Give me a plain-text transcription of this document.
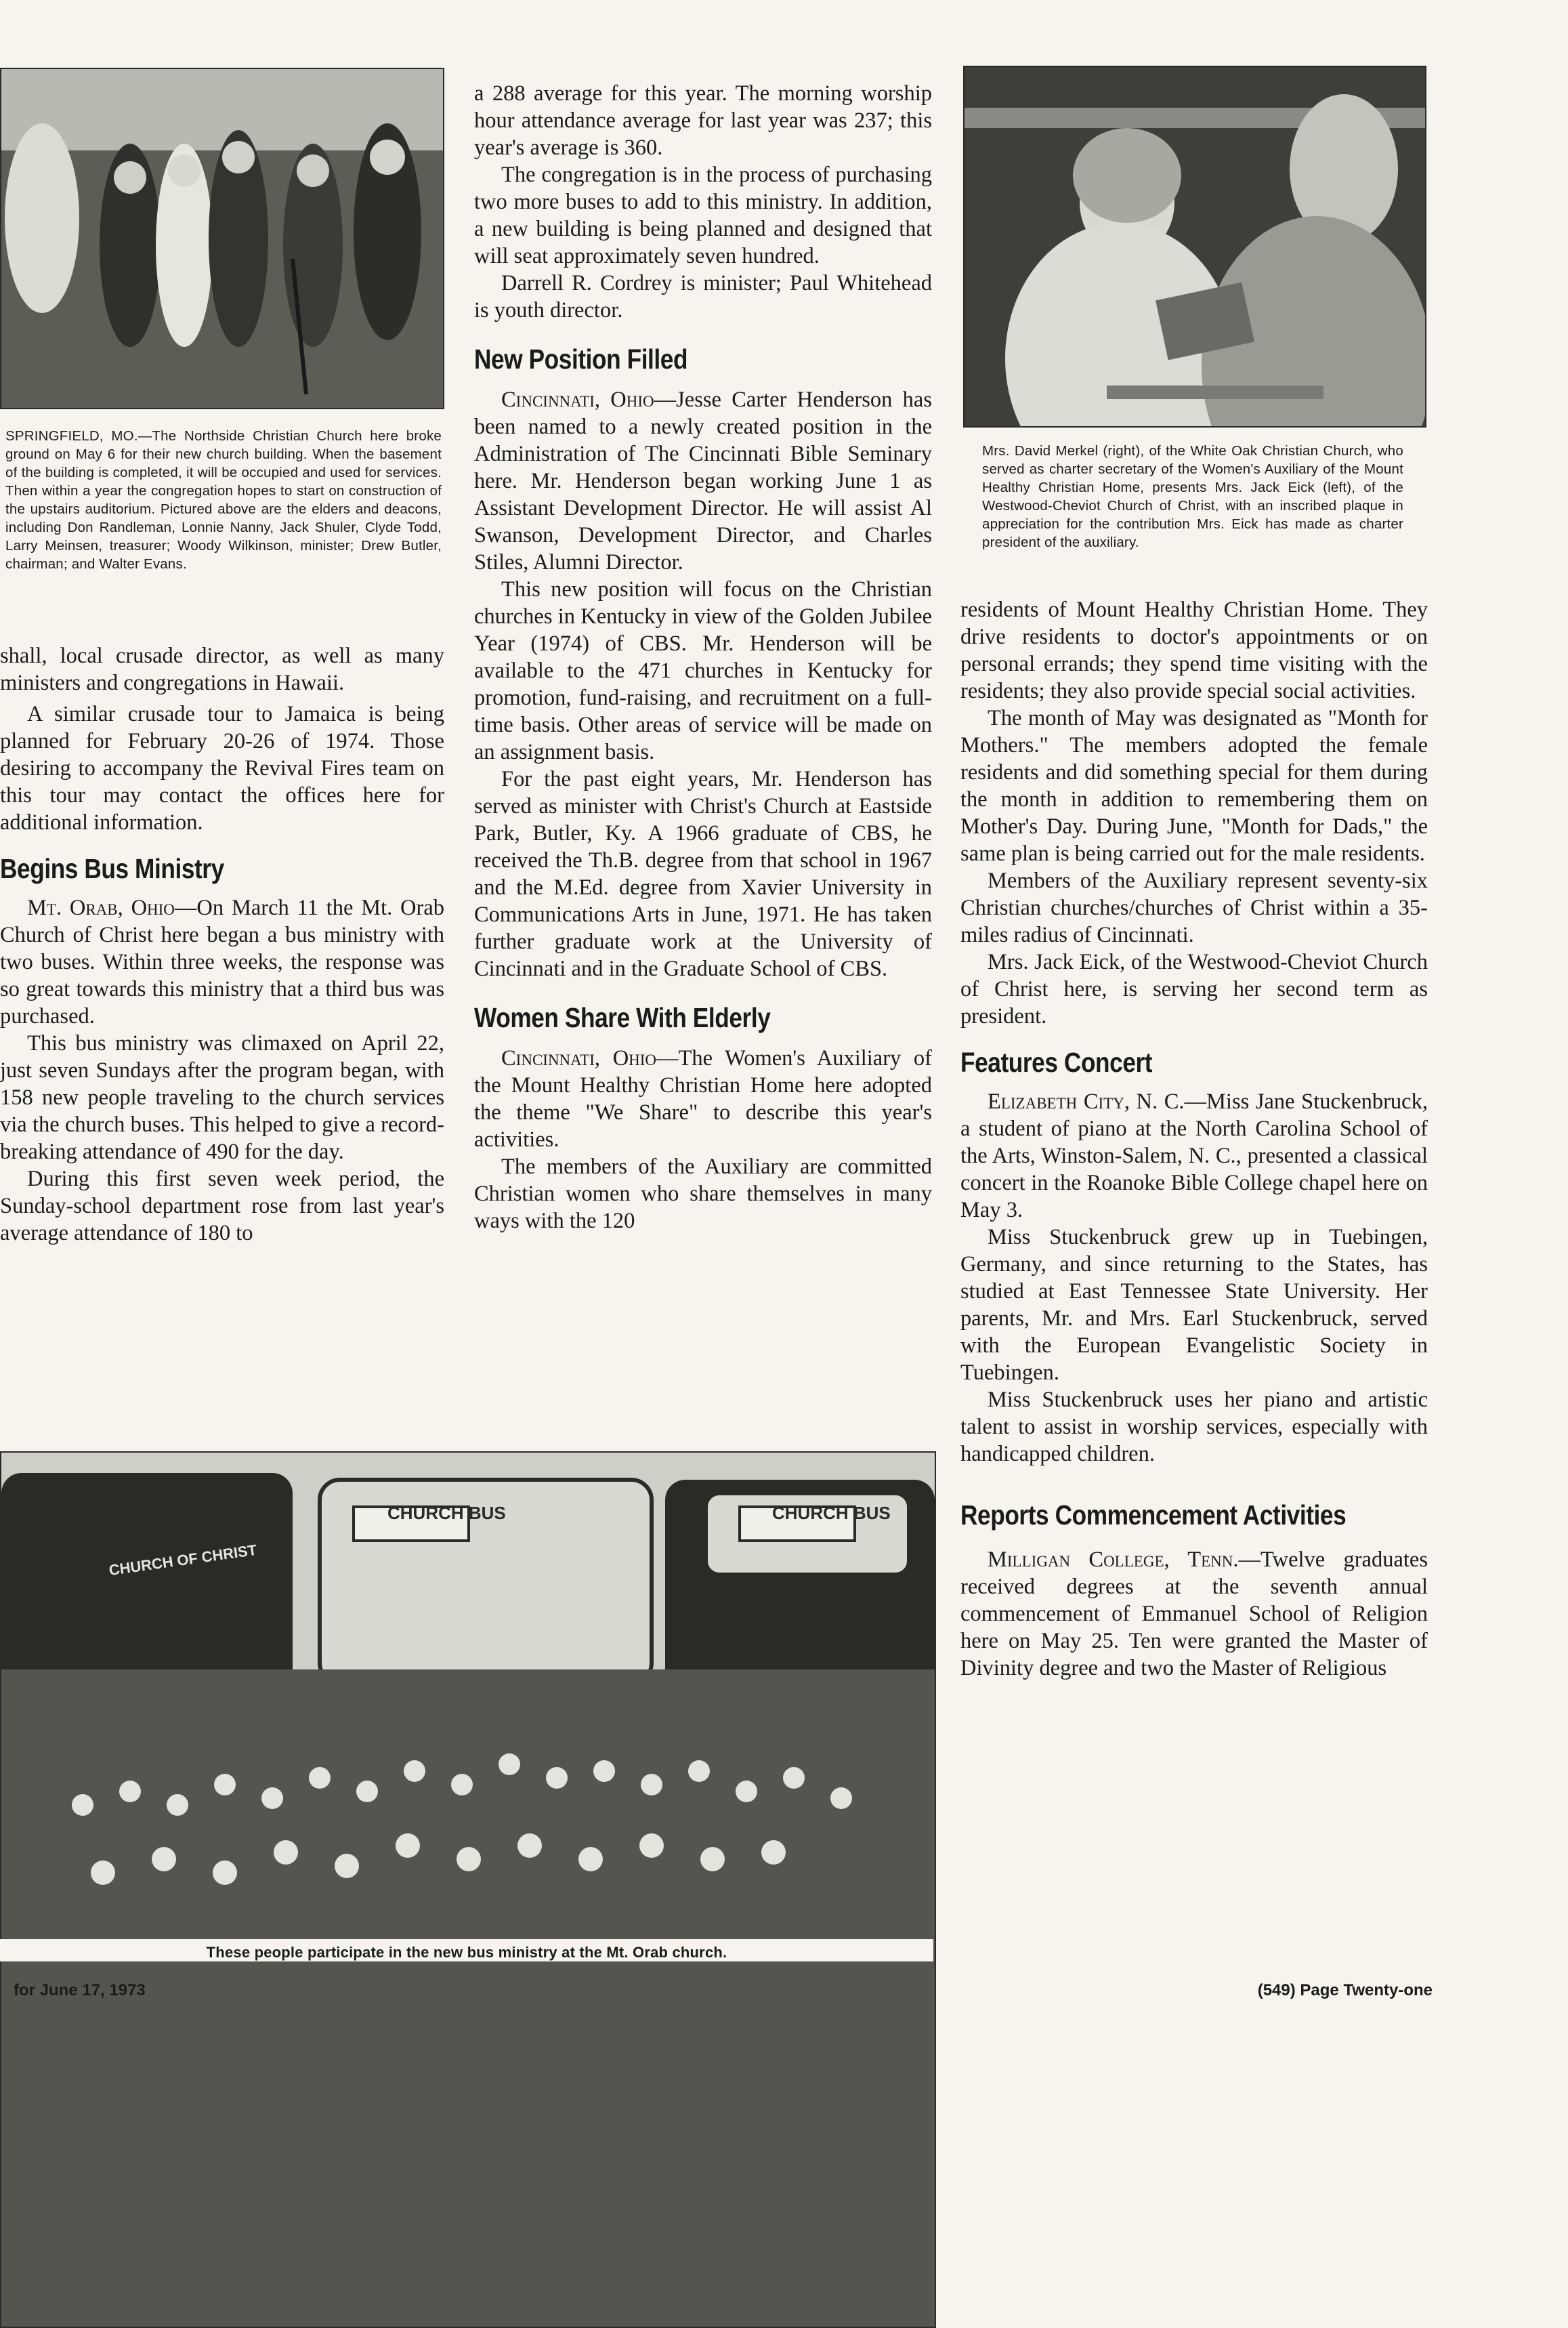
SPRINGFIELD, MO.—The Northside Christian Church here broke ground on May 6 for their new church building. When the basement of the building is completed, it will be occupied and used for services. Then within a year the congregation hopes to start on construction of the upstairs auditorium. Pictured above are the elders and deacons, including Don Randleman, Lonnie Nanny, Jack Shuler, Clyde Todd, Larry Meinsen, treasurer; Woody Wilkinson, minister; Drew Butler, chairman; and Walter Evans.

shall, local crusade director, as well as many ministers and congregations in Hawaii.

A similar crusade tour to Jamaica is being planned for February 20-26 of 1974. Those desiring to accompany the Revival Fires team on this tour may contact the offices here for additional information.

Begins Bus Ministry

Mt. Orab, Ohio—On March 11 the Mt. Orab Church of Christ here began a bus ministry with two buses. Within three weeks, the response was so great towards this ministry that a third bus was purchased.

This bus ministry was climaxed on April 22, just seven Sundays after the program began, with 158 new people traveling to the church services via the church buses. This helped to give a record-breaking attendance of 490 for the day.

During this first seven week period, the Sunday-school department rose from last year's average attendance of 180 to

a 288 average for this year. The morning worship hour attendance average for last year was 237; this year's average is 360.

The congregation is in the process of purchasing two more buses to add to this ministry. In addition, a new building is being planned and designed that will seat approximately seven hundred.

Darrell R. Cordrey is minister; Paul Whitehead is youth director.

New Position Filled

Cincinnati, Ohio—Jesse Carter Henderson has been named to a newly created position in the Administration of The Cincinnati Bible Seminary here. Mr. Henderson began working June 1 as Assistant Development Director. He will assist Al Swanson, Development Director, and Charles Stiles, Alumni Director.

This new position will focus on the Christian churches in Kentucky in view of the Golden Jubilee Year (1974) of CBS. Mr. Henderson will be available to the 471 churches in Kentucky for promotion, fund-raising, and recruitment on a full-time basis. Other areas of service will be made on an assignment basis.

For the past eight years, Mr. Henderson has served as minister with Christ's Church at Eastside Park, Butler, Ky. A 1966 graduate of CBS, he received the Th.B. degree from that school in 1967 and the M.Ed. degree from Xavier University in Communications Arts in June, 1971. He has taken further graduate work at the University of Cincinnati and in the Graduate School of CBS.

Women Share With Elderly

Cincinnati, Ohio—The Women's Auxiliary of the Mount Healthy Christian Home here adopted the theme "We Share" to describe this year's activities.

The members of the Auxiliary are committed Christian women who share themselves in many ways with the 120

Mrs. David Merkel (right), of the White Oak Christian Church, who served as charter secretary of the Women's Auxiliary of the Mount Healthy Christian Home, presents Mrs. Jack Eick (left), of the Westwood-Cheviot Church of Christ, with an inscribed plaque in appreciation for the contribution Mrs. Eick has made as charter president of the auxiliary.

residents of Mount Healthy Christian Home. They drive residents to doctor's appointments or on personal errands; they spend time visiting with the residents; they also provide special social activities.

The month of May was designated as "Month for Mothers." The members adopted the female residents and did something special for them during the month in addition to remembering them on Mother's Day. During June, "Month for Dads," the same plan is being carried out for the male residents.

Members of the Auxiliary represent seventy-six Christian churches/churches of Christ within a 35-miles radius of Cincinnati.

Mrs. Jack Eick, of the Westwood-Cheviot Church of Christ here, is serving her second term as president.

Features Concert

Elizabeth City, N. C.—Miss Jane Stuckenbruck, a student of piano at the North Carolina School of the Arts, Winston-Salem, N. C., presented a classical concert in the Roanoke Bible College chapel here on May 3.

Miss Stuckenbruck grew up in Tuebingen, Germany, and since returning to the States, has studied at East Tennessee State University. Her parents, Mr. and Mrs. Earl Stuckenbruck, served with the European Evangelistic Society in Tuebingen.

Miss Stuckenbruck uses her piano and artistic talent to assist in worship services, especially with handicapped children.

Reports Commencement Activities

Milligan College, Tenn.—Twelve graduates received degrees at the seventh annual commencement of Emmanuel School of Religion here on May 25. Ten were granted the Master of Divinity degree and two the Master of Religious

These people participate in the new bus ministry at the Mt. Orab church.
CHURCH BUS	CHURCH BUS
CHURCH OF CHRIST
for June 17, 1973	(549) Page Twenty-one
